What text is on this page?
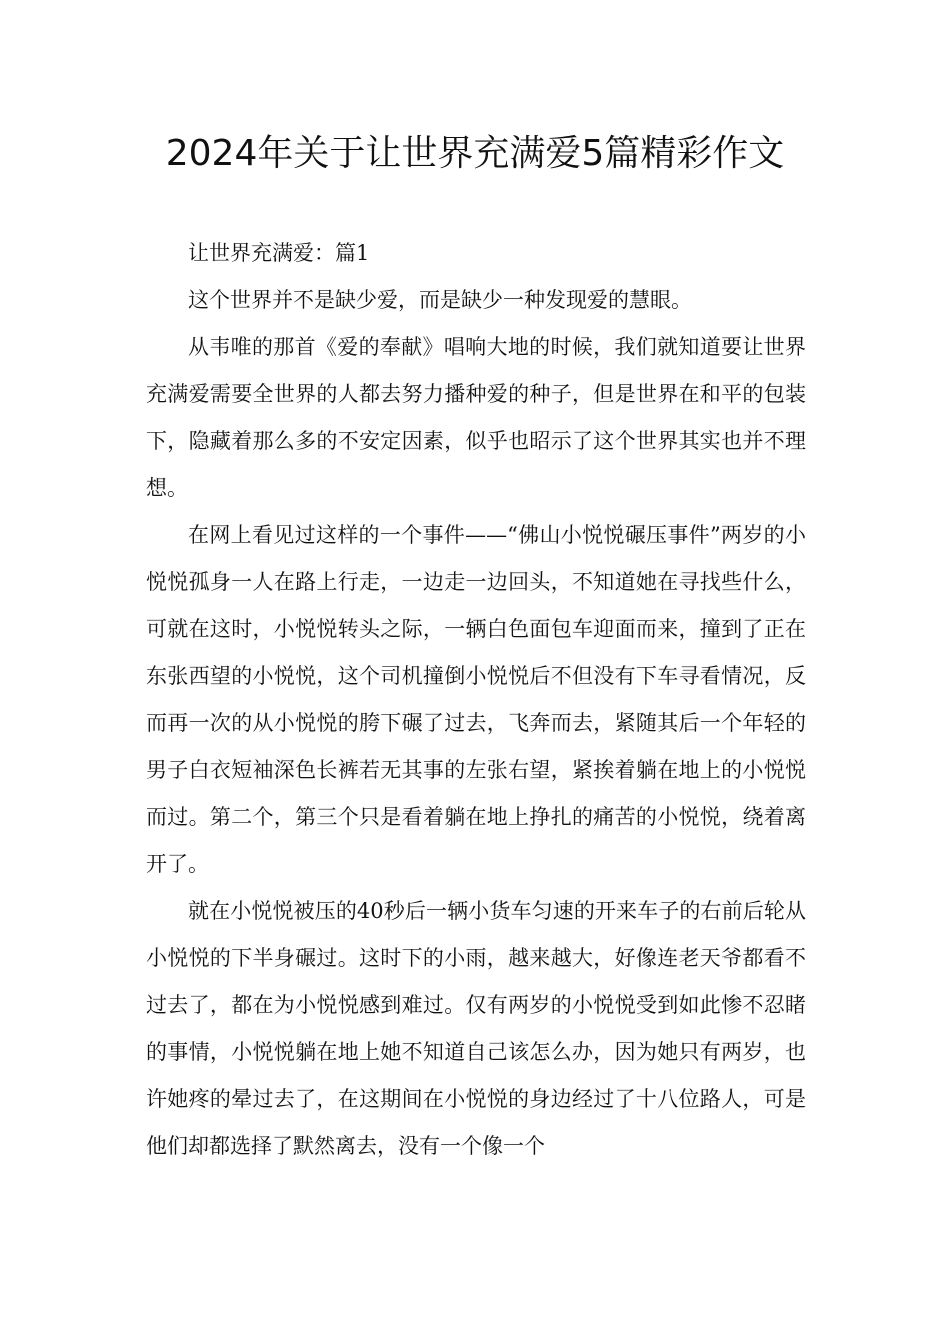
2024年关于让世界充满爱5篇精彩作文

让世界充满爱：篇1

这个世界并不是缺少爱，而是缺少一种发现爱的慧眼。

从韦唯的那首《爱的奉献》唱响大地的时候，我们就知道要让世界充满爱需要全世界的人都去努力播种爱的种子，但是世界在和平的包装下，隐藏着那么多的不安定因素，似乎也昭示了这个世界其实也并不理想。

在网上看见过这样的一个事件——“佛山小悦悦碾压事件”两岁的小悦悦孤身一人在路上行走，一边走一边回头，不知道她在寻找些什么，可就在这时，小悦悦转头之际，一辆白色面包车迎面而来，撞到了正在东张西望的小悦悦，这个司机撞倒小悦悦后不但没有下车寻看情况，反而再一次的从小悦悦的胯下碾了过去，飞奔而去，紧随其后一个年轻的男子白衣短袖深色长裤若无其事的左张右望，紧挨着躺在地上的小悦悦而过。第二个，第三个只是看着躺在地上挣扎的痛苦的小悦悦，绕着离开了。

就在小悦悦被压的40秒后一辆小货车匀速的开来车子的右前后轮从小悦悦的下半身碾过。这时下的小雨，越来越大，好像连老天爷都看不过去了，都在为小悦悦感到难过。仅有两岁的小悦悦受到如此惨不忍睹的事情，小悦悦躺在地上她不知道自己该怎么办，因为她只有两岁，也许她疼的晕过去了，在这期间在小悦悦的身边经过了十八位路人，可是他们却都选择了默然离去，没有一个像一个
